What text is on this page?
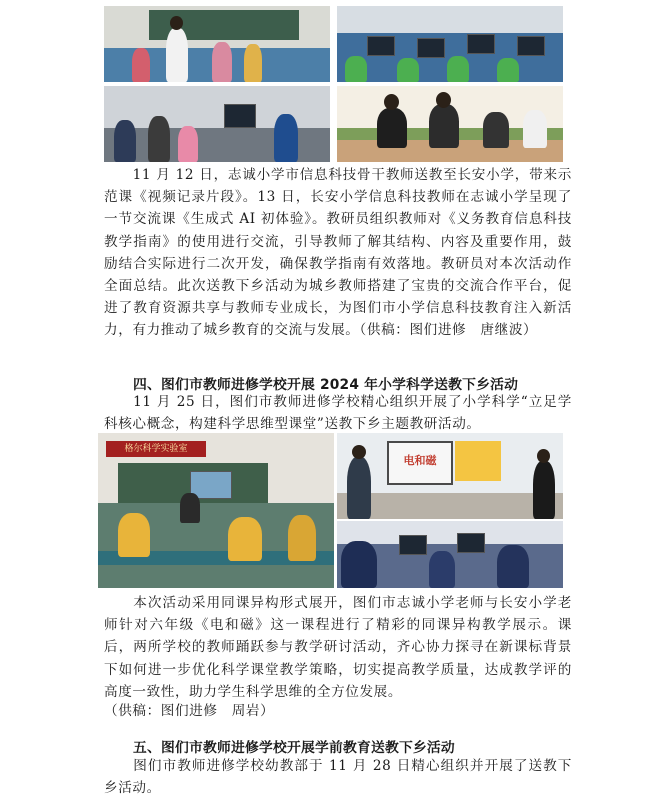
　　11 月 12 日，志诚小学市信息科技骨干教师送教至长安小学，带来示范课《视频记录片段》。13 日，长安小学信息科技教师在志诚小学呈现了一节交流课《生成式 AI 初体验》。教研员组织教师对《义务教育信息科技教学指南》的使用进行交流，引导教师了解其结构、内容及重要作用，鼓励结合实际进行二次开发，确保教学指南有效落地。教研员对本次活动作全面总结。此次送教下乡活动为城乡教师搭建了宝贵的交流合作平台，促进了教育资源共享与教师专业成长，为图们市小学信息科技教育注入新活力，有力推动了城乡教育的交流与发展。（供稿：图们进修　唐继波）

四、图们市教师进修学校开展 2024 年小学科学送教下乡活动

　　11 月 25 日，图们市教师进修学校精心组织开展了小学科学“立足学科核心概念，构建科学思维型课堂”送教下乡主题教研活动。

格尔科学实验室
电和磁

　　本次活动采用同课异构形式展开，图们市志诚小学老师与长安小学老师针对六年级《电和磁》这一课程进行了精彩的同课异构教学展示。课后，两所学校的教师踊跃参与教学研讨活动，齐心协力探寻在新课标背景下如何进一步优化科学课堂教学策略，切实提高教学质量，达成教学评的高度一致性，助力学生科学思维的全方位发展。

（供稿：图们进修　周岩）

五、图们市教师进修学校开展学前教育送教下乡活动

　　图们市教师进修学校幼教部于 11 月 28 日精心组织并开展了送教下乡活动。
